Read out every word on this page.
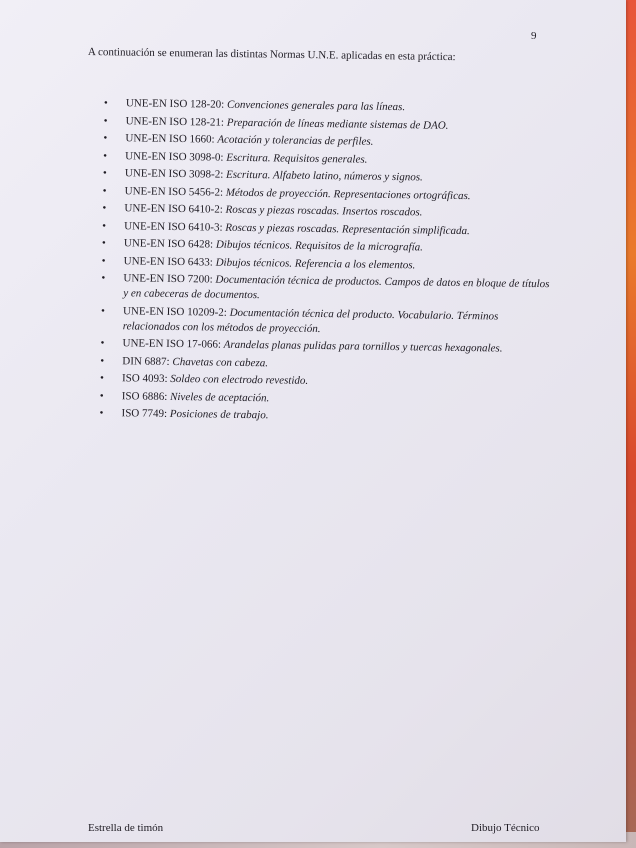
9
A continuación se enumeran las distintas Normas U.N.E. aplicadas en esta práctica:
• UNE-EN ISO 128-20: Convenciones generales para las líneas.
• UNE-EN ISO 128-21: Preparación de líneas mediante sistemas de DAO.
• UNE-EN ISO 1660: Acotación y tolerancias de perfiles.
• UNE-EN ISO 3098-0: Escritura. Requisitos generales.
• UNE-EN ISO 3098-2: Escritura. Alfabeto latino, números y signos.
• UNE-EN ISO 5456-2: Métodos de proyección. Representaciones ortográficas.
• UNE-EN ISO 6410-2: Roscas y piezas roscadas. Insertos roscados.
• UNE-EN ISO 6410-3: Roscas y piezas roscadas. Representación simplificada.
• UNE-EN ISO 6428: Dibujos técnicos. Requisitos de la micrografía.
• UNE-EN ISO 6433: Dibujos técnicos. Referencia a los elementos.
• UNE-EN ISO 7200: Documentación técnica de productos. Campos de datos en bloque de títulos y en cabeceras de documentos.
• UNE-EN ISO 10209-2: Documentación técnica del producto. Vocabulario. Términos relacionados con los métodos de proyección.
• UNE-EN ISO 17-066: Arandelas planas pulidas para tornillos y tuercas hexagonales.
• DIN 6887: Chavetas con cabeza.
• ISO 4093: Soldeo con electrodo revestido.
• ISO 6886: Niveles de aceptación.
• ISO 7749: Posiciones de trabajo.
Estrella de timón	Dibujo Técnico
